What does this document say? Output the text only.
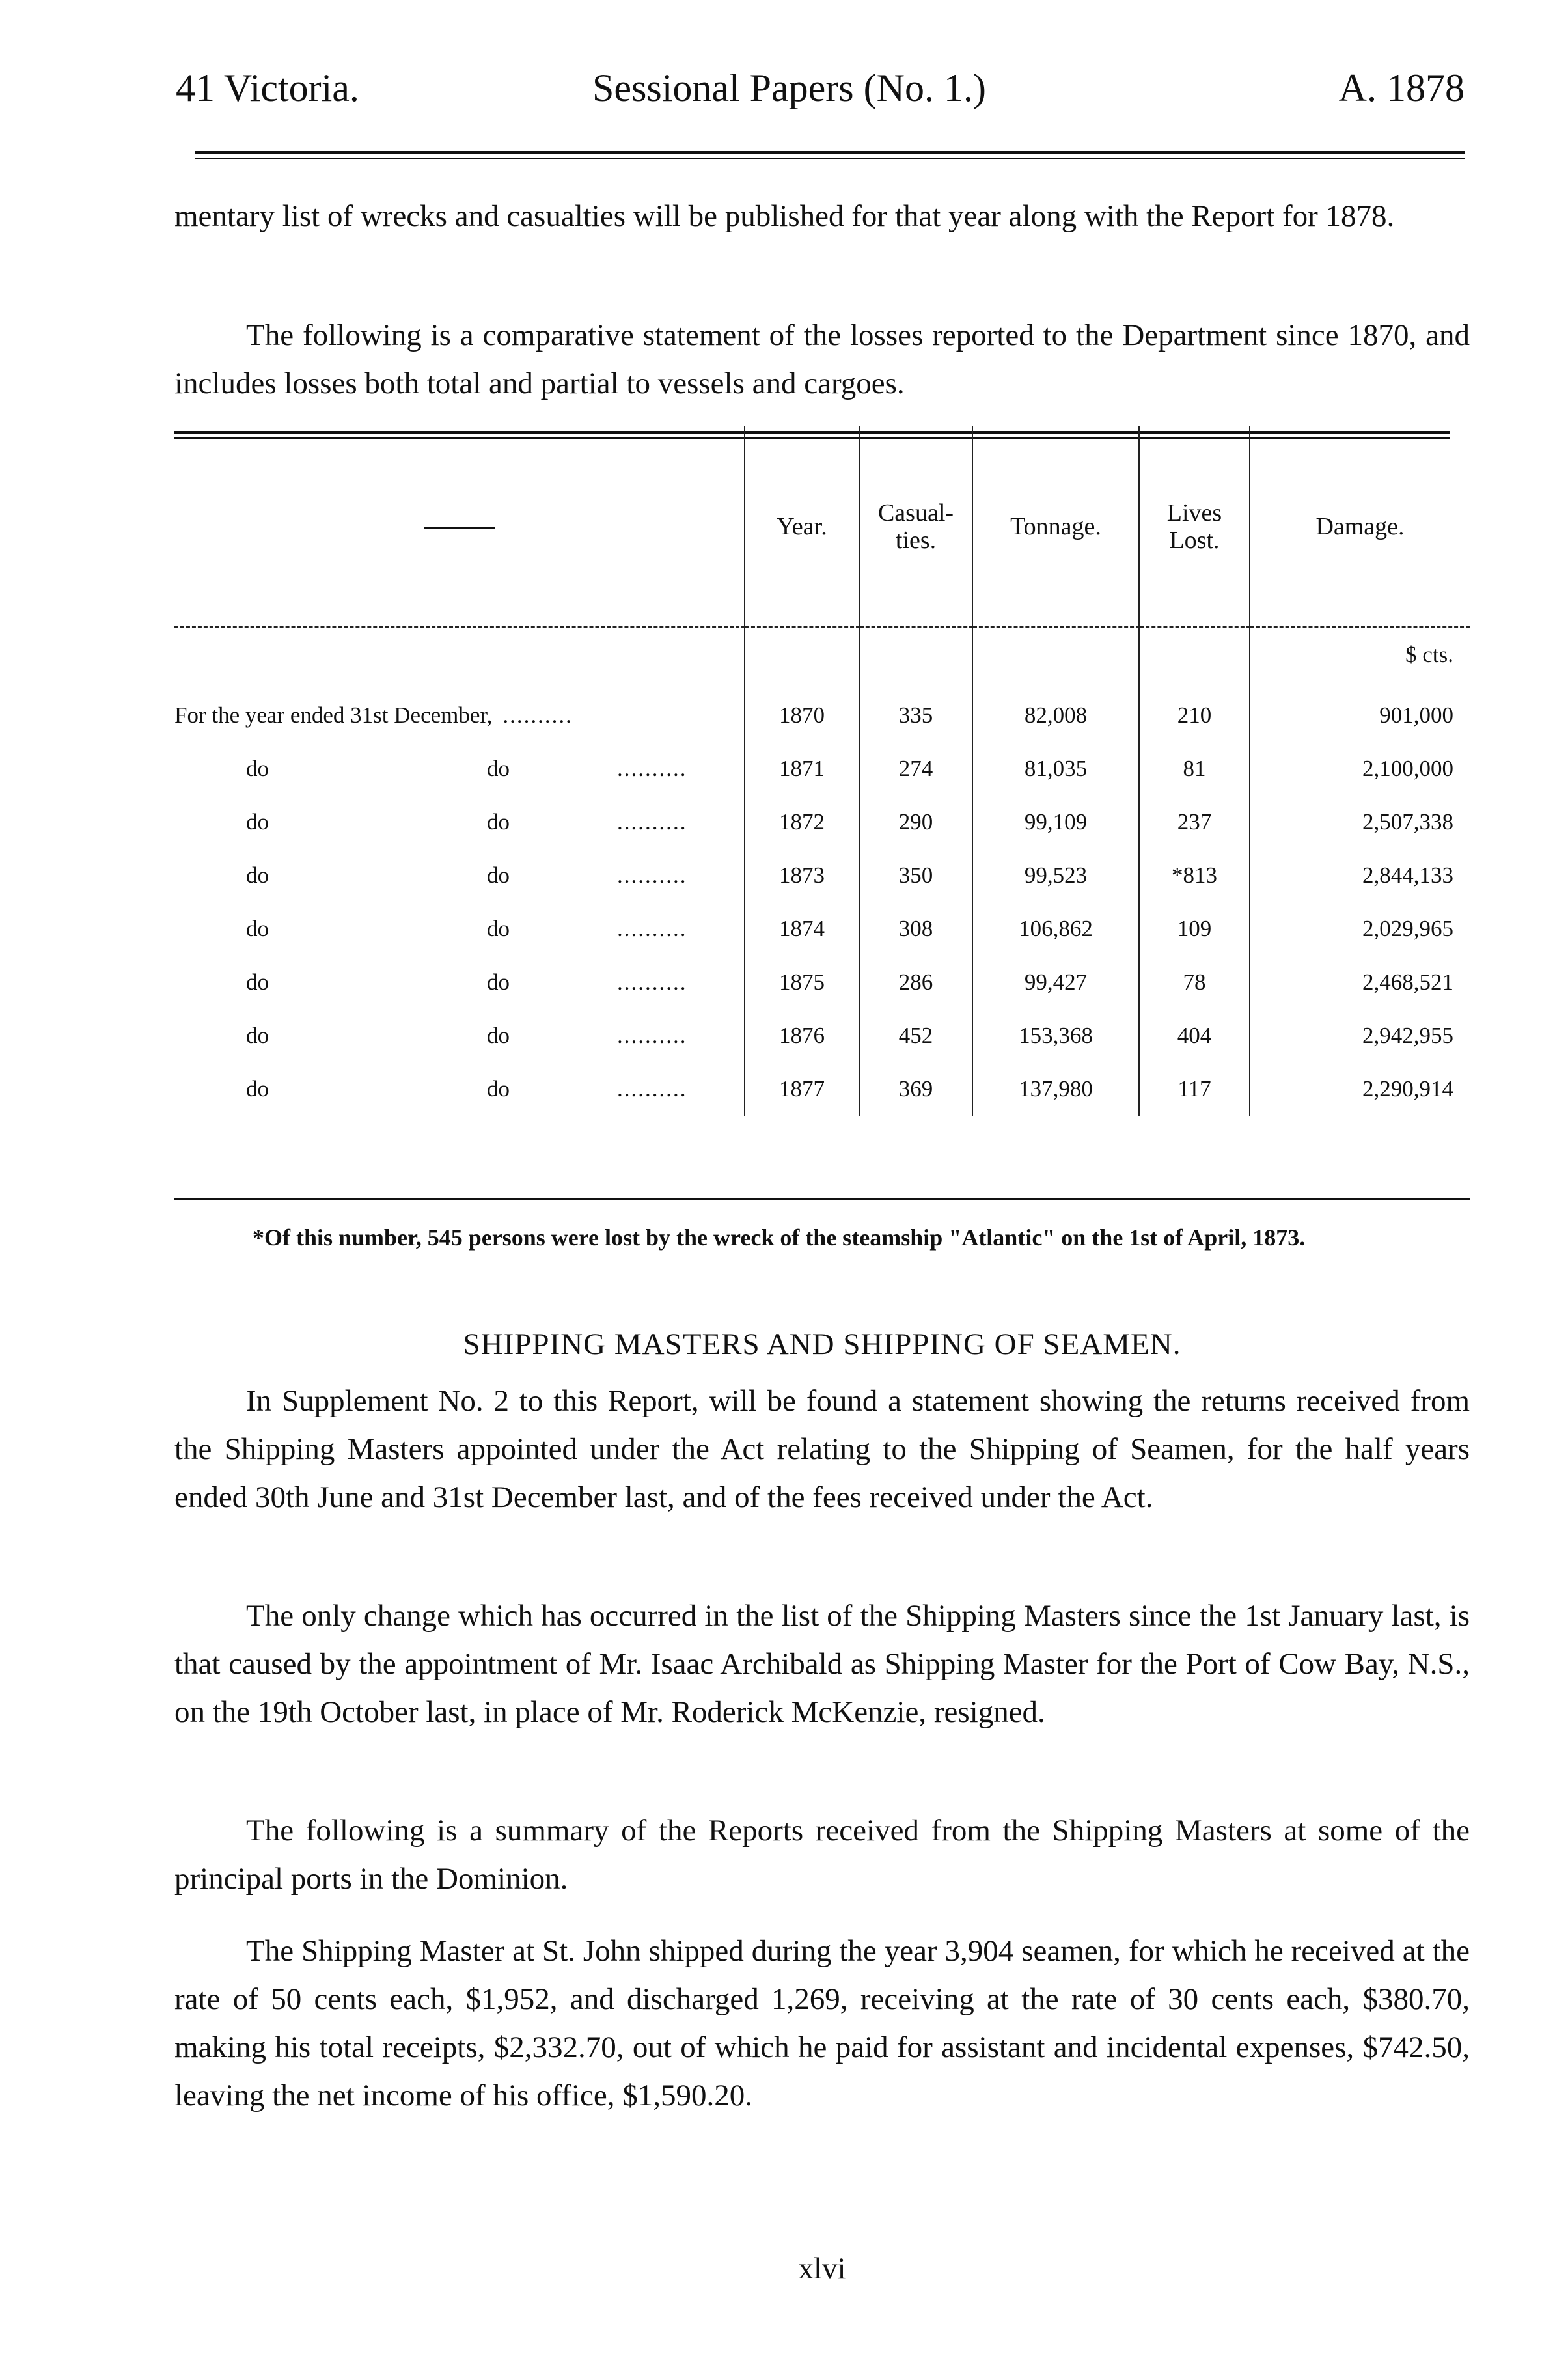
41 Victoria.	Sessional Papers (No. 1.)	A. 1878

mentary list of wrecks and casualties will be published for that year along with the Report for 1878.

The following is a comparative statement of the losses reported to the Department since 1870, and includes losses both total and partial to vessels and cargoes.

	Year.	Casual-ties.	Tonnage.	Lives Lost.	Damage.
					$ cts.
For the year ended 31st December, ..........	1870	335	82,008	210	901,000
do do ..........	1871	274	81,035	81	2,100,000
do do ..........	1872	290	99,109	237	2,507,338
do do ..........	1873	350	99,523	*813	2,844,133
do do ..........	1874	308	106,862	109	2,029,965
do do ..........	1875	286	99,427	78	2,468,521
do do ..........	1876	452	153,368	404	2,942,955
do do ..........	1877	369	137,980	117	2,290,914

*Of this number, 545 persons were lost by the wreck of the steamship "Atlantic" on the 1st of April, 1873.

SHIPPING MASTERS AND SHIPPING OF SEAMEN.

In Supplement No. 2 to this Report, will be found a statement showing the returns received from the Shipping Masters appointed under the Act relating to the Shipping of Seamen, for the half years ended 30th June and 31st December last, and of the fees received under the Act.

The only change which has occurred in the list of the Shipping Masters since the 1st January last, is that caused by the appointment of Mr. Isaac Archibald as Shipping Master for the Port of Cow Bay, N.S., on the 19th October last, in place of Mr. Roderick McKenzie, resigned.

The following is a summary of the Reports received from the Shipping Masters at some of the principal ports in the Dominion.

The Shipping Master at St. John shipped during the year 3,904 seamen, for which he received at the rate of 50 cents each, $1,952, and discharged 1,269, receiving at the rate of 30 cents each, $380.70, making his total receipts, $2,332.70, out of which he paid for assistant and incidental expenses, $742.50, leaving the net income of his office, $1,590.20.

xlvi
